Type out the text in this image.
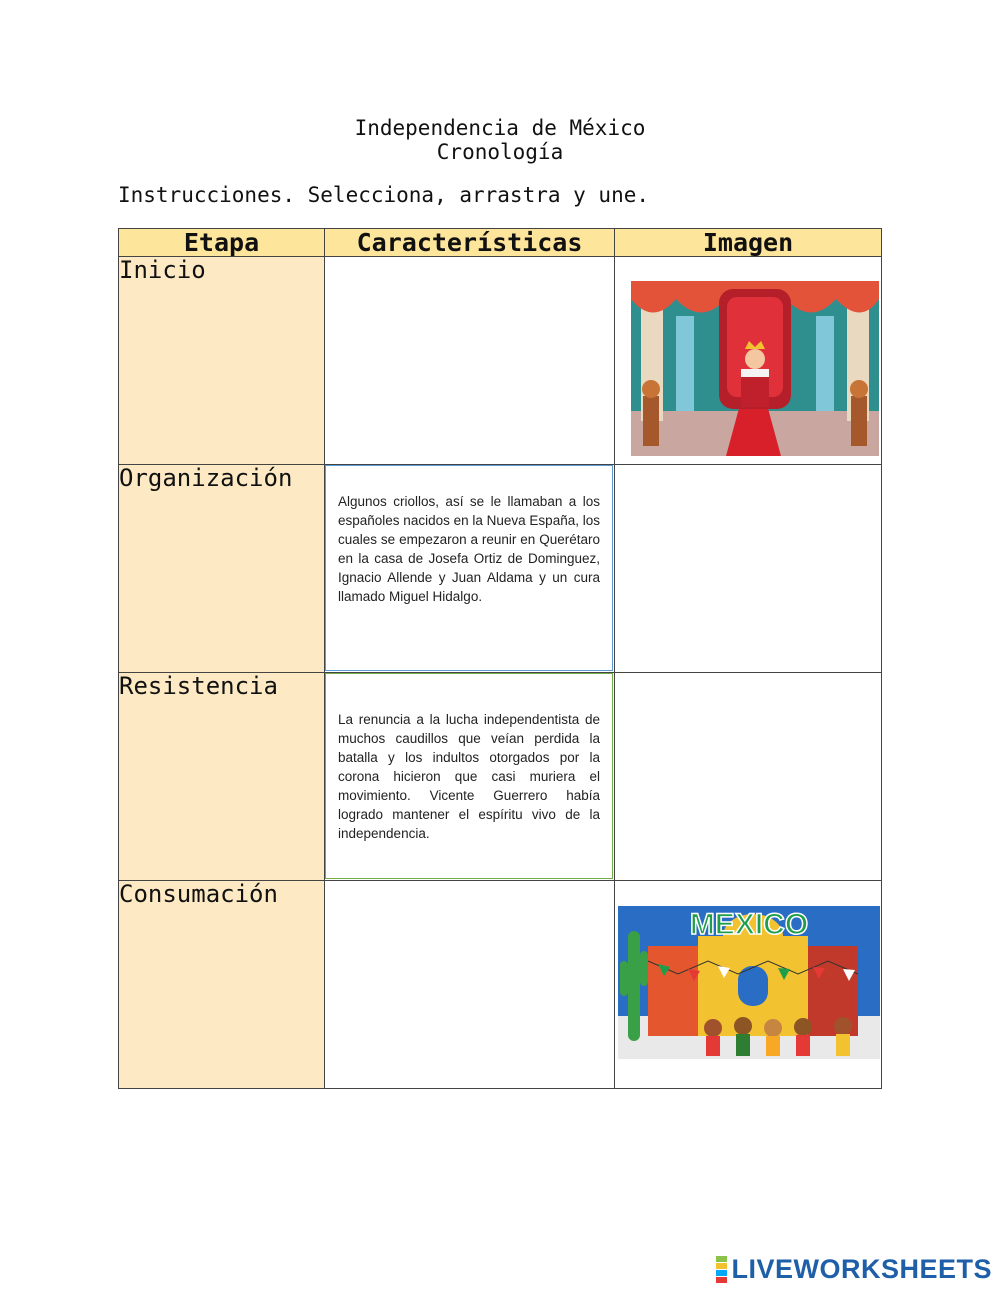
Independencia de México
Cronología
Instrucciones. Selecciona, arrastra y une.
Etapa	Características	Imagen
Inicio		

Organización	Algunos criollos, así se le llamaban a los españoles nacidos en la Nueva España, los cuales se empezaron a reunir en Querétaro en la casa de Josefa Ortiz de Dominguez, Ignacio Allende y Juan Aldama y un cura llamado Miguel Hidalgo.	

Resistencia	La renuncia a la lucha independentista de muchos caudillos que veían perdida la batalla y los indultos otorgados por la corona hicieron que casi muriera el movimiento. Vicente Guerrero había logrado mantener el espíritu vivo de la independencia.	

Consumación		MEXICO
LIVEWORKSHEETS
